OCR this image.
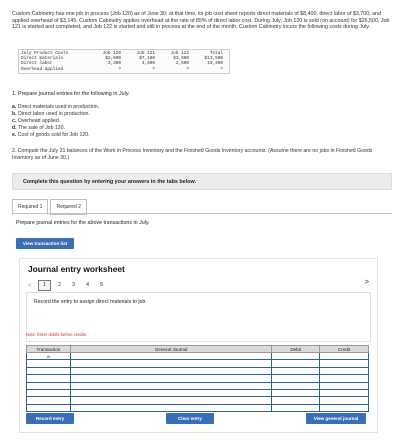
Custom Cabinetry has one job in process (Job 120) as of June 30; at that time, its job cost sheet reports direct materials of $8,400, direct labor of $3,700, and applied overhead of $3,145. Custom Cabinetry applies overhead at the rate of 85% of direct labor cost. During July, Job 120 is sold (on account) for $26,500, Job 121 is started and completed, and Job 122 is started and still in process at the end of the month. Custom Cabinetry incurs the following costs during July.
July Product Costs	Job 120	Job 121	Job 122	Total
Direct materials	$2,600	$7,100	$3,800	$13,500
Direct labor	3,300	4,600	2,500	10,400
Overhead applied	?	?	?	?
1. Prepare journal entries for the following in July.
a. Direct materials used in production.
b. Direct labor used in production.
c. Overhead applied.
d. The sale of Job 120.
e. Cost of goods sold for Job 120.
2. Compute the July 31 balances of the Work in Process Inventory and the Finished Goods Inventory accounts. (Assume there are no jobs in Finished Goods Inventory as of June 30.)
Complete this question by entering your answers in the tabs below.
Required 1	Required 2
Prepare journal entries for the above transactions in July.
View transaction list
Journal entry worksheet
<	1	2	3	4	5	>
Record the entry to assign direct materials to job.
Note: Enter debits before credits.
Transaction	General Journal	Debit	Credit
a			

Record entry	Clear entry	View general journal
